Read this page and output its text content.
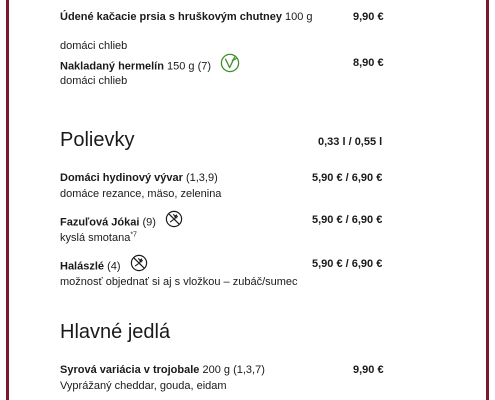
Údené kačacie prsia s hruškovým chutney 100 g	9,90 €
domáci chlieb
Nakladaný hermelín 150 g (7)	8,90 €
domáci chlieb
Polievky	0,33 l / 0,55 l
Domáci hydinový vývar (1,3,9)	5,90 € / 6,90 €
domáce rezance, mäso, zelenina
Fazuľová Jókai (9)	5,90 € / 6,90 €
kyslá smotana$^{*7}$
Halászlé (4)	5,90 € / 6,90 €
možnosť objednať si aj s vložkou – zubáč/sumec
Hlavné jedlá
Syrová variácia v trojobale 200 g (1,3,7)	9,90 €
Vyprážaný cheddar, gouda, eidam
